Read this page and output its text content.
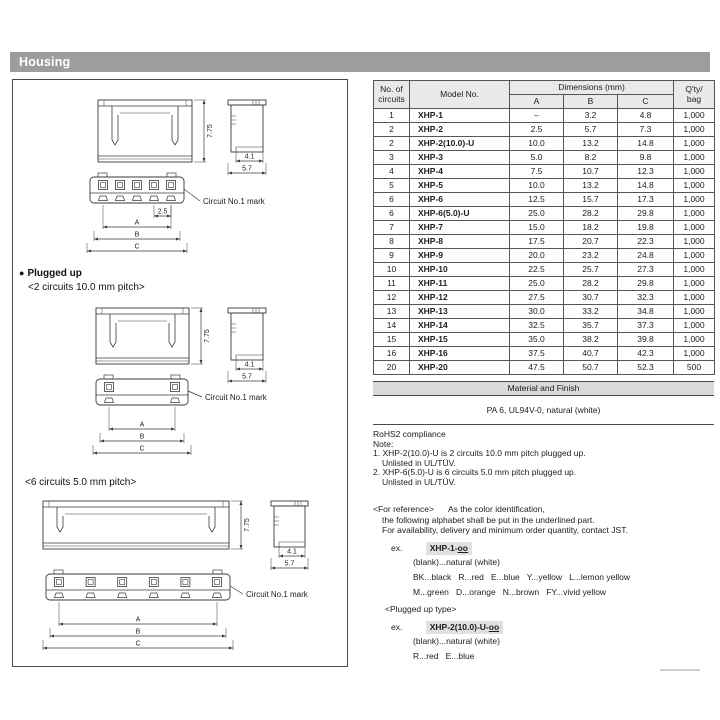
Housing
7.75
4.1
5.7
Circuit No.1 mark
2.5
A
B
C
7.75
4.1
5.7
Circuit No.1 mark
A
B
C
7.75
4.1
5.7
Circuit No.1 mark
A
B
C
● Plugged up
<2 circuits 10.0 mm pitch>
<6 circuits 5.0 mm pitch>
No. of
circuits	Model No.	Dimensions (mm)			Q'ty/
bag

		A	B	C	
1	XHP-1	–	3.2	4.8	1,000
2	XHP-2	2.5	5.7	7.3	1,000
2	XHP-2(10.0)-U	10.0	13.2	14.8	1,000
3	XHP-3	5.0	8.2	9.8	1,000
4	XHP-4	7.5	10.7	12.3	1,000
5	XHP-5	10.0	13.2	14.8	1,000
6	XHP-6	12.5	15.7	17.3	1,000
6	XHP-6(5.0)-U	25.0	28.2	29.8	1,000
7	XHP-7	15.0	18.2	19.8	1,000
8	XHP-8	17.5	20.7	22.3	1,000
9	XHP-9	20.0	23.2	24.8	1,000
10	XHP-10	22.5	25.7	27.3	1,000
11	XHP-11	25.0	28.2	29.8	1,000
12	XHP-12	27.5	30.7	32.3	1,000
13	XHP-13	30.0	33.2	34.8	1,000
14	XHP-14	32.5	35.7	37.3	1,000
15	XHP-15	35.0	38.2	39.8	1,000
16	XHP-16	37.5	40.7	42.3	1,000
20	XHP-20	47.5	50.7	52.3	500
Material and Finish
PA 6, UL94V-0, natural (white)
RoHS2 compliance
Note:
1. XHP-2(10.0)-U is 2 circuits 10.0 mm pitch plugged up.
Unlisted in UL/TÜV.
2. XHP-6(5.0)-U is 6 circuits 5.0 mm pitch plugged up.
Unlisted in UL/TÜV.
<For reference> As the color identification,
the following alphabet shall be put in the underlined part.
For availability, delivery and minimum order quantity, contact JST.
ex.	XHP-1-oo
(blank)...natural (white)
BK...black   R...red   E...blue   Y...yellow   L...lemon yellow
M...green   D...orange   N...brown   FY...vivid yellow
<Plugged up type>
ex.	XHP-2(10.0)-U-oo
(blank)...natural (white)
R...red   E...blue
